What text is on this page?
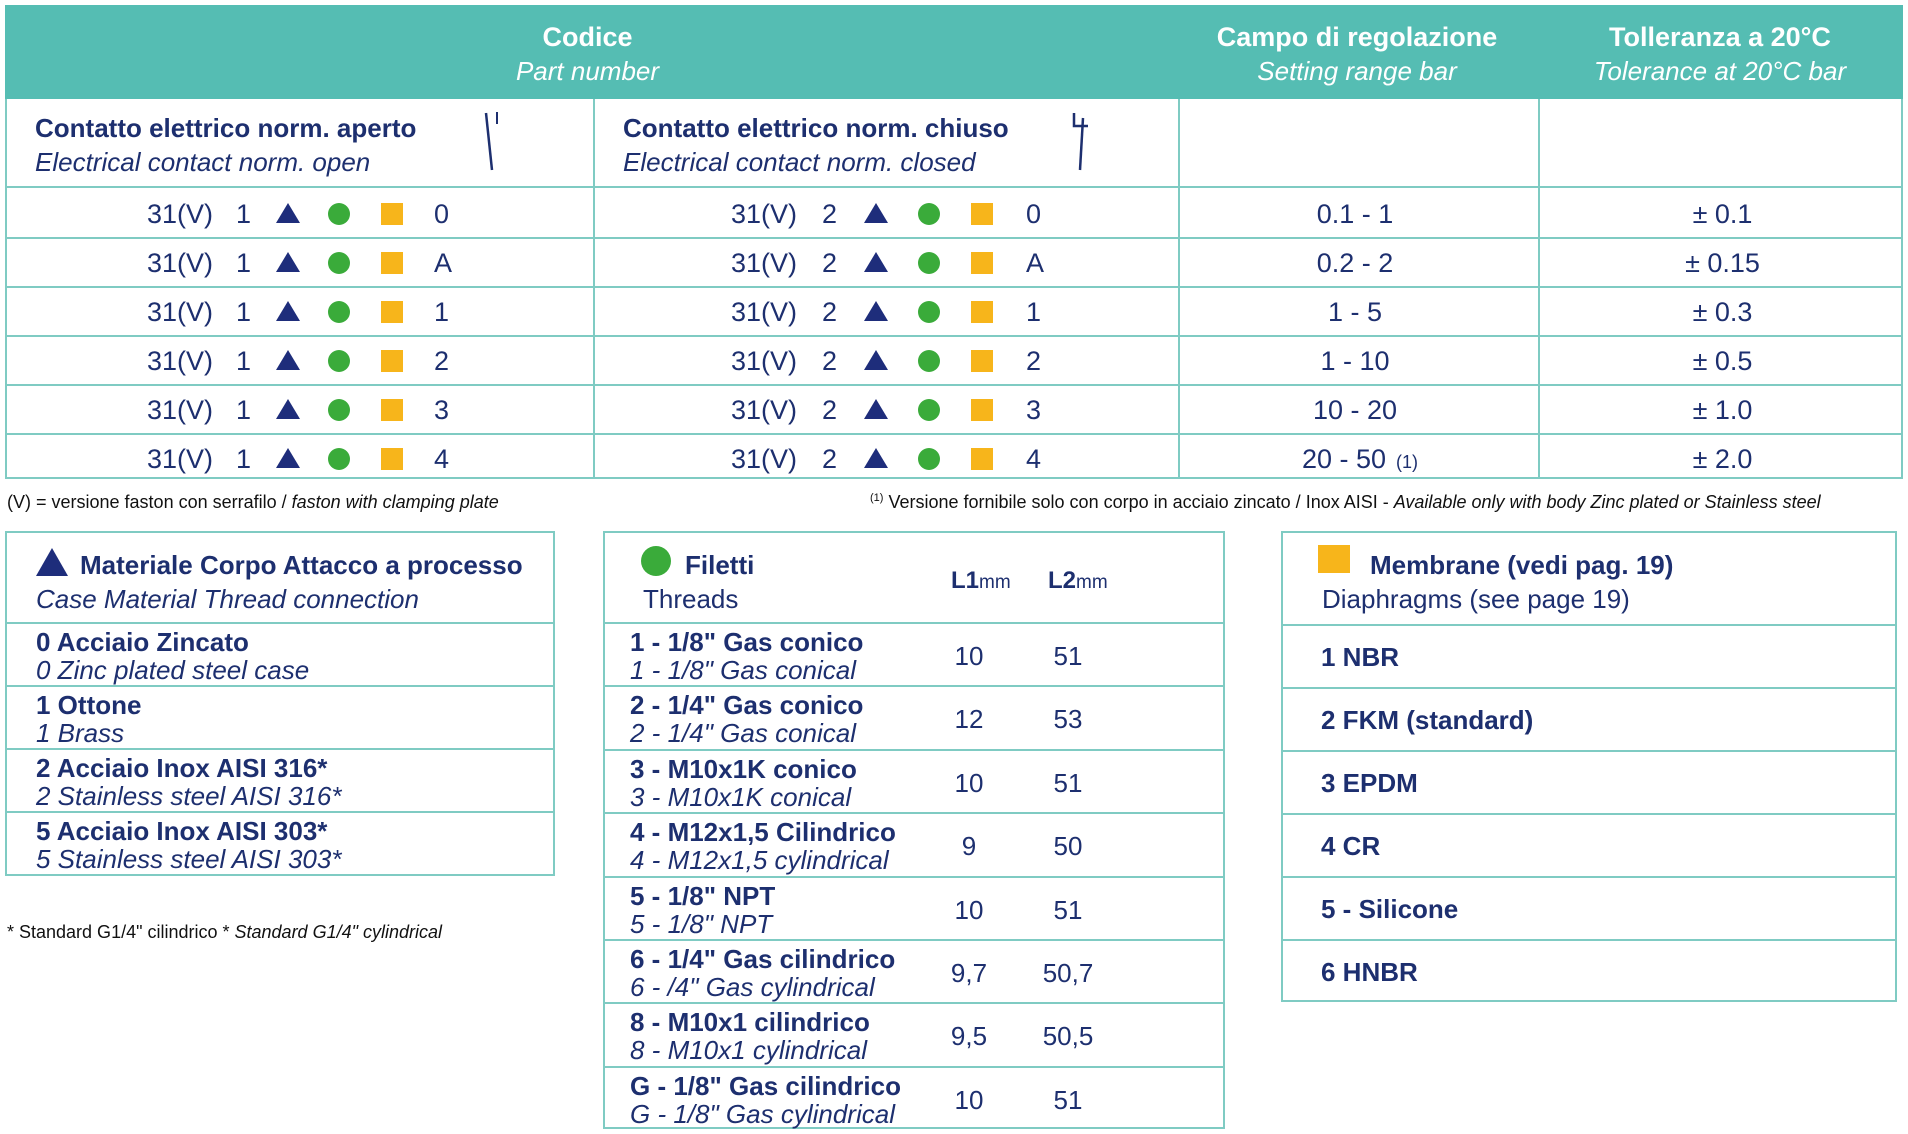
Codice
Part number
Campo di regolazione
Setting range bar
Tolleranza a 20°C
Tolerance at 20°C bar
Contatto elettrico norm. aperto
Electrical contact norm. open
Contatto elettrico norm. chiuso
Electrical contact norm. closed
31(V) 1	0	31(V) 2	0	0.1 - 1	± 0.1
31(V) 1	A	31(V) 2	A	0.2 - 2	± 0.15
31(V) 1	1	31(V) 2	1	1 - 5	± 0.3
31(V) 1	2	31(V) 2	2	1 - 10	± 0.5
31(V) 1	3	31(V) 2	3	10 - 20	± 1.0
31(V) 1	4	31(V) 2	4	20 - 50 (1)	± 2.0
(V) = versione faston con serrafilo / faston with clamping plate	$^{(1)}$ Versione fornibile solo con corpo in acciaio zincato / Inox AISI - Available only with body Zinc plated or Stainless steel
Materiale Corpo Attacco a processo
Case Material Thread connection
0 Acciaio Zincato
0 Zinc plated steel case
1 Ottone
1 Brass
2 Acciaio Inox AISI 316*
2 Stainless steel AISI 316*
5 Acciaio Inox AISI 303*
5 Stainless steel AISI 303*
* Standard G1/4" cilindrico * Standard G1/4" cylindrical
Filetti
Threads
L1mm L2mm
1 - 1/8" Gas conico
1 - 1/8" Gas conical	10	51
2 - 1/4" Gas conico
2 - 1/4" Gas conical	12	53
3 - M10x1K conico
3 - M10x1K conical	10	51
4 - M12x1,5 Cilindrico
4 - M12x1,5 cylindrical	9	50
5 - 1/8" NPT
5 - 1/8" NPT	10	51
6 - 1/4" Gas cilindrico
6 - /4" Gas cylindrical	9,7	50,7
8 - M10x1 cilindrico
8 - M10x1 cylindrical	9,5	50,5
G - 1/8" Gas cilindrico
G - 1/8" Gas cylindrical	10	51
Membrane (vedi pag. 19)
Diaphragms (see page 19)
1 NBR
2 FKM (standard)
3 EPDM
4 CR
5 - Silicone
6 HNBR
